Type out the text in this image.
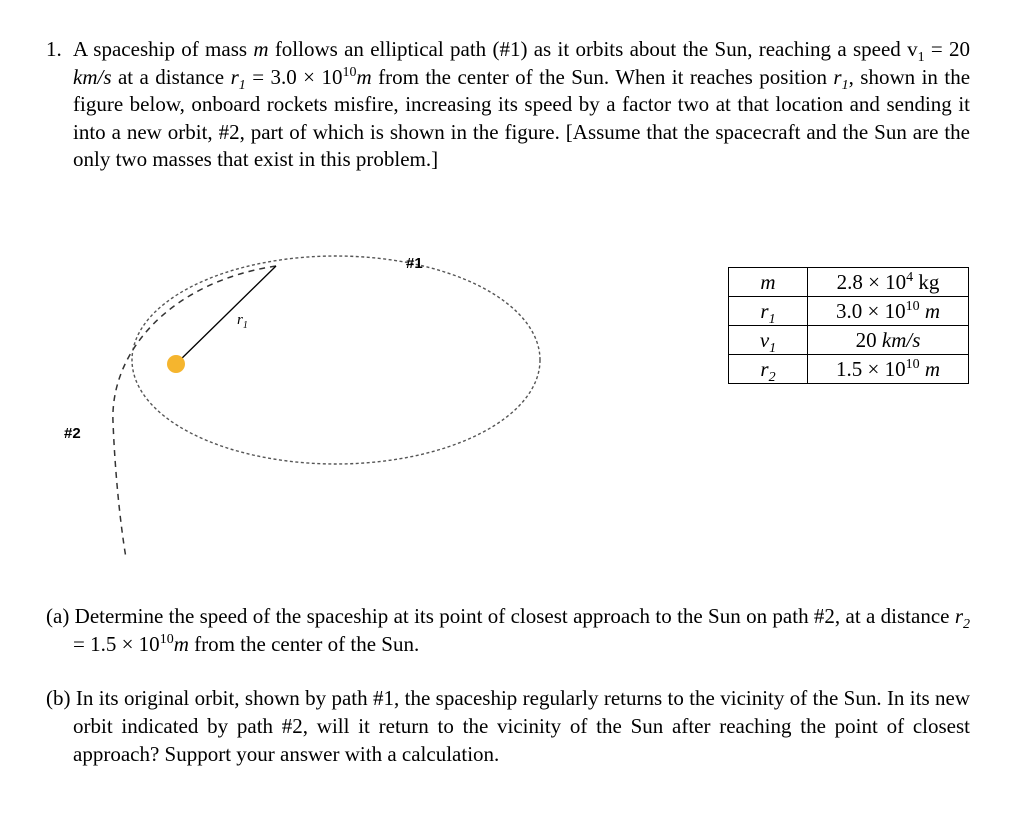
1. A spaceship of mass m follows an elliptical path (#1) as it orbits about the Sun, reaching a speed $v_1 = 20$ km/s at a distance $r_1 = 3.0 \times 10^{10}m$ from the center of the Sun. When it reaches position $r_1$, shown in the figure below, onboard rockets misfire, increasing its speed by a factor two at that location and sending it into a new orbit, #2, part of which is shown in the figure. [Assume that the spacecraft and the Sun are the only two masses that exist in this problem.]
#1
#2
$r_1$
m	$2.8 \times 10^4$ kg
$r_1$	$3.0 \times 10^{10}$ m
$v_1$	20 km/s
$r_2$	$1.5 \times 10^{10}$ m
(a) Determine the speed of the spaceship at its point of closest approach to the Sun on path #2, at a distance $r_2 = 1.5 \times 10^{10}m$ from the center of the Sun.
(b) In its original orbit, shown by path #1, the spaceship regularly returns to the vicinity of the Sun. In its new orbit indicated by path #2, will it return to the vicinity of the Sun after reaching the point of closest approach? Support your answer with a calculation.
